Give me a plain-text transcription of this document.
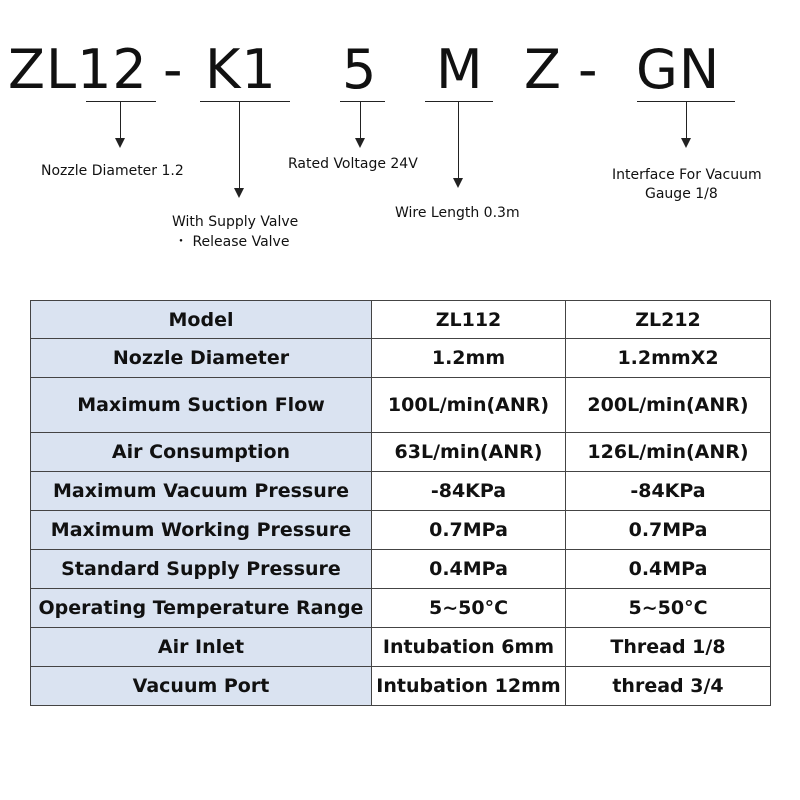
ZL12 - K1 5 M Z - GN
Nozzle Diameter 1.2
With Supply Valve
・ Release Valve
Rated Voltage 24V
Wire Length 0.3m
Interface For Vacuum
Gauge 1/8
Model	ZL112	ZL212
Nozzle Diameter	1.2mm	1.2mmX2
Maximum Suction Flow	100L/min(ANR)	200L/min(ANR)
Air Consumption	63L/min(ANR)	126L/min(ANR)
Maximum Vacuum Pressure	-84KPa	-84KPa
Maximum Working Pressure	0.7MPa	0.7MPa
Standard Supply Pressure	0.4MPa	0.4MPa
Operating Temperature Range	5~50°C	5~50°C
Air Inlet	Intubation 6mm	Thread 1/8
Vacuum Port	Intubation 12mm	thread 3/4
